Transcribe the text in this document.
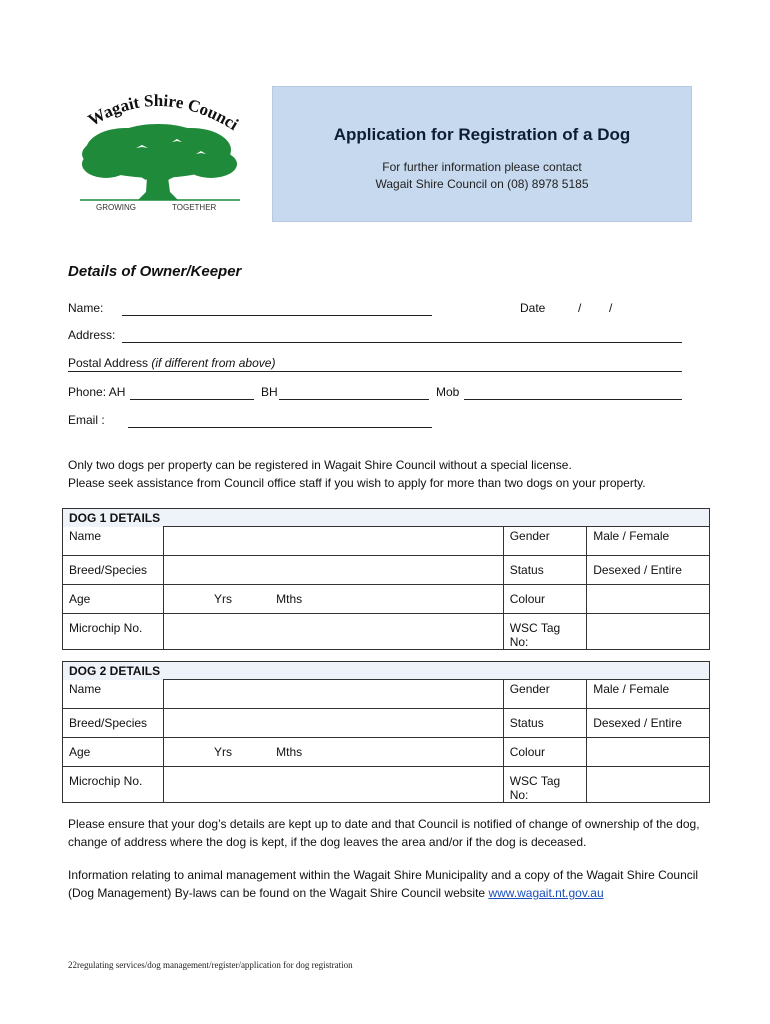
Wagait Shire Counci
GROWING	TOGETHER
Application for Registration of a Dog
For further information please contact
Wagait Shire Council on (08) 8978 5185
Details of Owner/Keeper
Name:	Date	/ /
Address:
Postal Address (if different from above)
Phone: AH	BH	Mob
Email :
Only two dogs per property can be registered in Wagait Shire Council without a special license.
Please seek assistance from Council office staff if you wish to apply for more than two dogs on your property.
DOG 1 DETAILS						

Name					Gender	Male / Female

Breed/Species					Status	Desexed / Entire

Age		Yrs	Mths		Colour	

Microchip No.					WSC Tag No:	

DOG 2 DETAILS						

Name					Gender	Male / Female

Breed/Species					Status	Desexed / Entire

Age		Yrs	Mths		Colour	

Microchip No.					WSC Tag No:	

Please ensure that your dog’s details are kept up to date and that Council is notified of change of ownership of the dog, change of address where the dog is kept, if the dog leaves the area and/or if the dog is deceased.
Information relating to animal management within the Wagait Shire Municipality and a copy of the Wagait Shire Council (Dog Management) By-laws can be found on the Wagait Shire Council website www.wagait.nt.gov.au
22regulating services/dog management/register/application for dog registration
